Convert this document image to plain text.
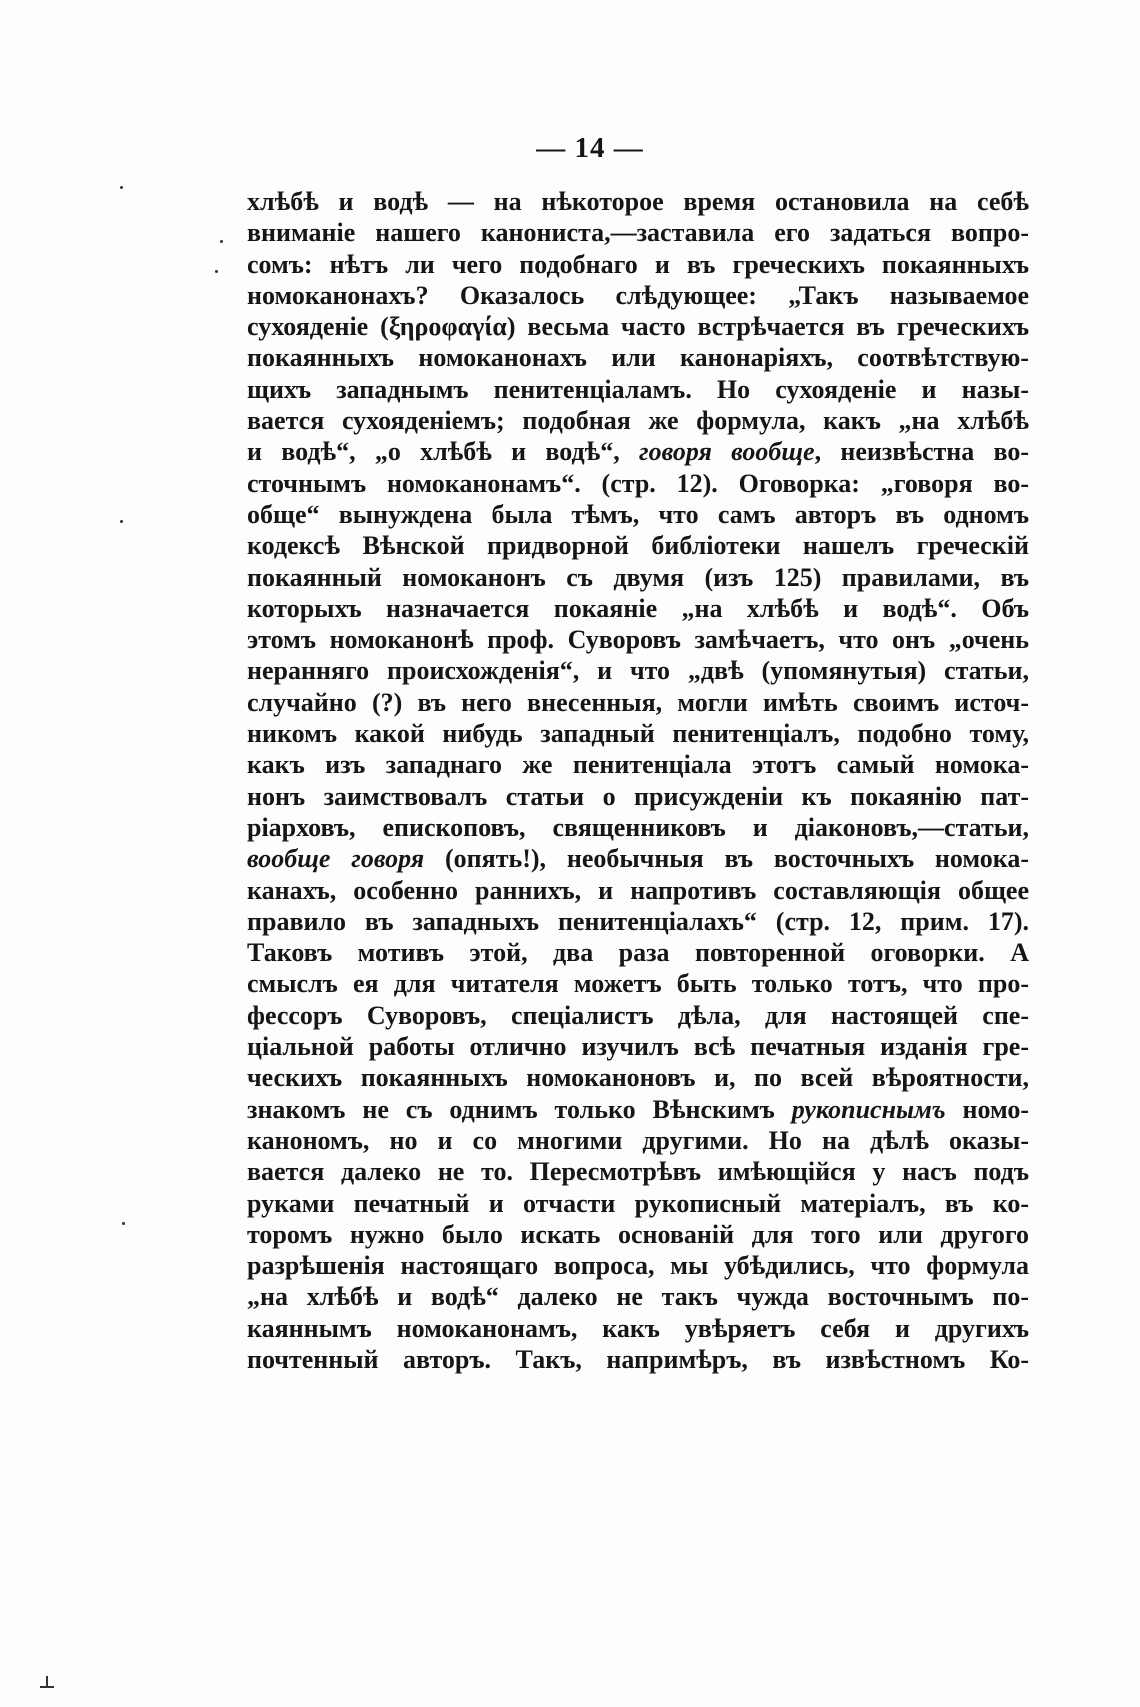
— 14 —
хлѣбѣ и водѣ — на нѣкоторое время остановила на себѣ
вниманіе нашего канониста,—заставила его задаться вопро-
сомъ: нѣтъ ли чего подобнаго и въ греческихъ покаянныхъ
номоканонахъ? Оказалось слѣдующее: „Такъ называемое
сухояденіе (ξηροφαγία) весьма часто встрѣчается въ греческихъ
покаянныхъ номоканонахъ или канонаріяхъ, соотвѣтствую-
щихъ западнымъ пенитенціаламъ. Но сухояденіе и назы-
вается сухояденіемъ; подобная же формула, какъ „на хлѣбѣ
и водѣ“, „о хлѣбѣ и водѣ“, говоря вообще, неизвѣстна во-
сточнымъ номоканонамъ“. (стр. 12). Оговорка: „говоря во-
обще“ вынуждена была тѣмъ, что самъ авторъ въ одномъ
кодексѣ Вѣнской придворной библіотеки нашелъ греческій
покаянный номоканонъ съ двумя (изъ 125) правилами, въ
которыхъ назначается покаяніе „на хлѣбѣ и водѣ“. Объ
этомъ номоканонѣ проф. Суворовъ замѣчаетъ, что онъ „очень
неранняго происхожденія“, и что „двѣ (упомянутыя) статьи,
случайно (?) въ него внесенныя, могли имѣть своимъ источ-
никомъ какой нибудь западный пенитенціалъ, подобно тому,
какъ изъ западнаго же пенитенціала этотъ самый номока-
нонъ заимствовалъ статьи о присужденіи къ покаянію пат-
ріарховъ, епископовъ, священниковъ и діаконовъ,—статьи,
вообще говоря (опять!), необычныя въ восточныхъ номока-
канахъ, особенно раннихъ, и напротивъ составляющія общее
правило въ западныхъ пенитенціалахъ“ (стр. 12, прим. 17).
Таковъ мотивъ этой, два раза повторенной оговорки. А
смыслъ ея для читателя можетъ быть только тотъ, что про-
фессоръ Суворовъ, спеціалистъ дѣла, для настоящей спе-
ціальной работы отлично изучилъ всѣ печатныя изданія гре-
ческихъ покаянныхъ номоканоновъ и, по всей вѣроятности,
знакомъ не съ однимъ только Вѣнскимъ рукописнымъ номо-
канономъ, но и со многими другими. Но на дѣлѣ оказы-
вается далеко не то. Пересмотрѣвъ имѣющійся у насъ подъ
руками печатный и отчасти рукописный матеріалъ, въ ко-
торомъ нужно было искать основаній для того или другого
разрѣшенія настоящаго вопроса, мы убѣдились, что формула
„на хлѣбѣ и водѣ“ далеко не такъ чужда восточнымъ по-
каяннымъ номоканонамъ, какъ увѣряетъ себя и другихъ
почтенный авторъ. Такъ, напримѣръ, въ извѣстномъ Ко-
